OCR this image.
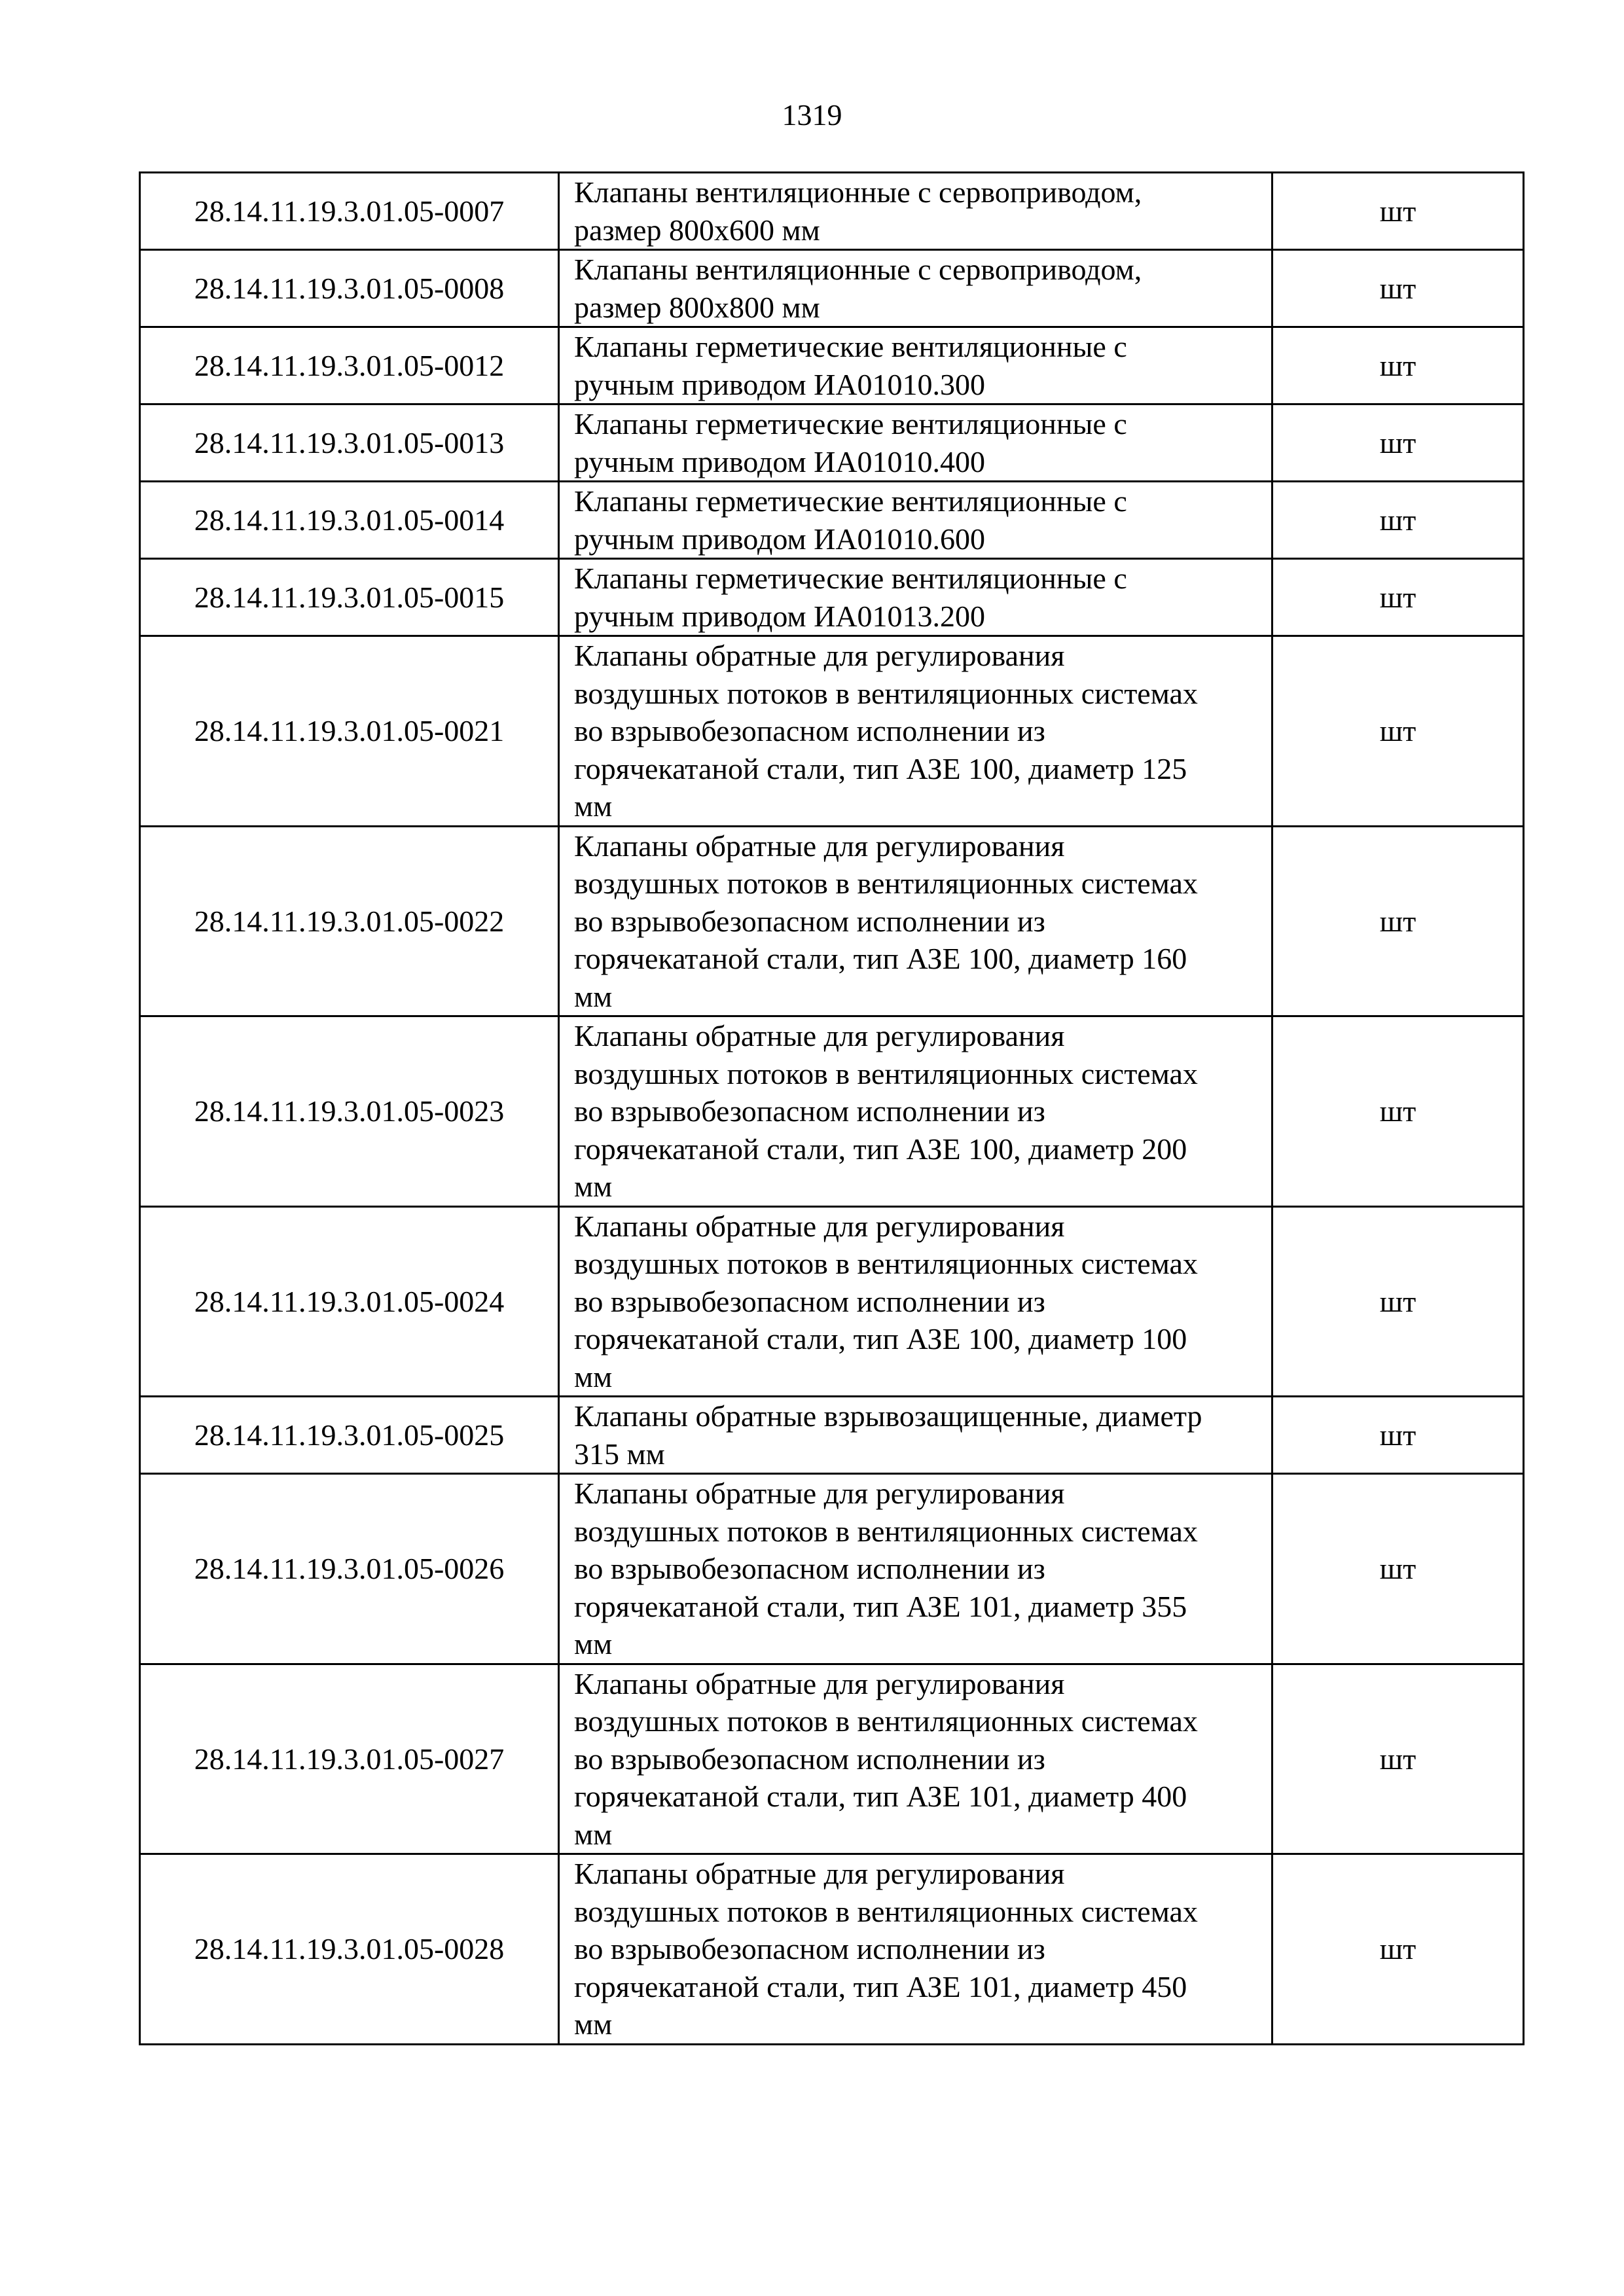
1319
28.14.11.19.3.01.05-0007	Клапаны вентиляционные с сервоприводом,
размер 800х600 мм	шт
28.14.11.19.3.01.05-0008	Клапаны вентиляционные с сервоприводом,
размер 800х800 мм	шт
28.14.11.19.3.01.05-0012	Клапаны герметические вентиляционные с
ручным приводом ИА01010.300	шт
28.14.11.19.3.01.05-0013	Клапаны герметические вентиляционные с
ручным приводом ИА01010.400	шт
28.14.11.19.3.01.05-0014	Клапаны герметические вентиляционные с
ручным приводом ИА01010.600	шт
28.14.11.19.3.01.05-0015	Клапаны герметические вентиляционные с
ручным приводом ИА01013.200	шт
28.14.11.19.3.01.05-0021	Клапаны обратные для регулирования
воздушных потоков в вентиляционных системах
во взрывобезопасном исполнении из
горячекатаной стали, тип АЗЕ 100, диаметр 125
мм	шт
28.14.11.19.3.01.05-0022	Клапаны обратные для регулирования
воздушных потоков в вентиляционных системах
во взрывобезопасном исполнении из
горячекатаной стали, тип АЗЕ 100, диаметр 160
мм	шт
28.14.11.19.3.01.05-0023	Клапаны обратные для регулирования
воздушных потоков в вентиляционных системах
во взрывобезопасном исполнении из
горячекатаной стали, тип АЗЕ 100, диаметр 200
мм	шт
28.14.11.19.3.01.05-0024	Клапаны обратные для регулирования
воздушных потоков в вентиляционных системах
во взрывобезопасном исполнении из
горячекатаной стали, тип АЗЕ 100, диаметр 100
мм	шт
28.14.11.19.3.01.05-0025	Клапаны обратные взрывозащищенные, диаметр
315 мм	шт
28.14.11.19.3.01.05-0026	Клапаны обратные для регулирования
воздушных потоков в вентиляционных системах
во взрывобезопасном исполнении из
горячекатаной стали, тип АЗЕ 101, диаметр 355
мм	шт
28.14.11.19.3.01.05-0027	Клапаны обратные для регулирования
воздушных потоков в вентиляционных системах
во взрывобезопасном исполнении из
горячекатаной стали, тип АЗЕ 101, диаметр 400
мм	шт
28.14.11.19.3.01.05-0028	Клапаны обратные для регулирования
воздушных потоков в вентиляционных системах
во взрывобезопасном исполнении из
горячекатаной стали, тип АЗЕ 101, диаметр 450
мм	шт
